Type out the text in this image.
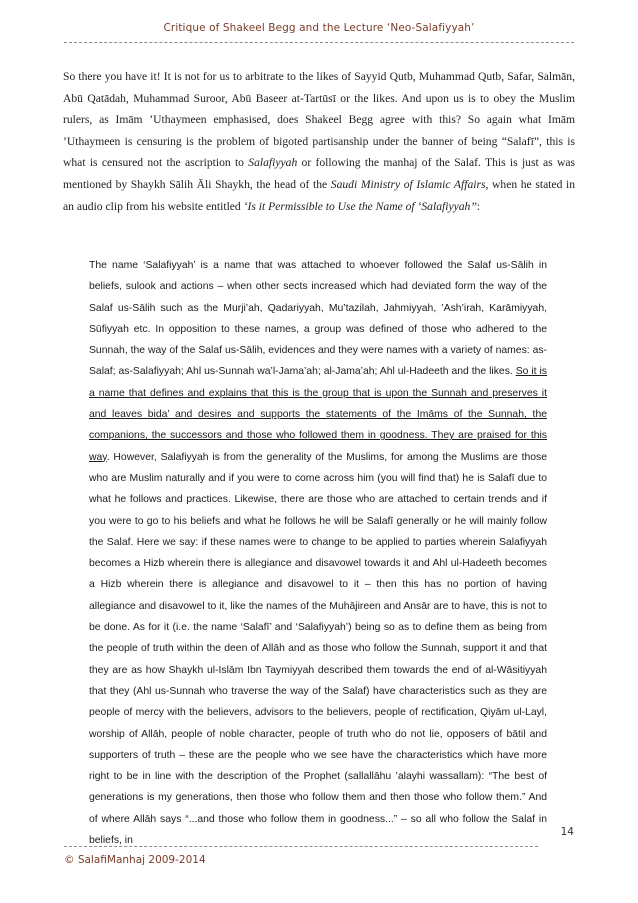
Critique of Shakeel Begg and the Lecture ‘Neo-Salafiyyah’

So there you have it! It is not for us to arbitrate to the likes of Sayyid Qutb, Muhammad Qutb, Safar, Salmān, Abū Qatādah, Muhammad Suroor, Abū Baseer at-Tartūsī or the likes. And upon us is to obey the Muslim rulers, as Imām ’Uthaymeen emphasised, does Shakeel Begg agree with this? So again what Imām ’Uthaymeen is censuring is the problem of bigoted partisanship under the banner of being “Salafī”, this is what is censured not the ascription to Salafiyyah or following the manhaj of the Salaf. This is just as was mentioned by Shaykh Sālih Āli Shaykh, the head of the Saudi Ministry of Islamic Affairs, when he stated in an audio clip from his website entitled ‘Is it Permissible to Use the Name of ‘Salafiyyah’’:

The name ‘Salafiyyah’ is a name that was attached to whoever followed the Salaf us-Sālih in beliefs, sulook and actions – when other sects increased which had deviated form the way of the Salaf us-Sālih such as the Murji’ah, Qadariyyah, Mu’tazilah, Jahmiyyah, ’Ash’irah, Karāmiyyah, Sūfiyyah etc. In opposition to these names, a group was defined of those who adhered to the Sunnah, the way of the Salaf us-Sālih, evidences and they were names with a variety of names: as-Salaf; as-Salafiyyah; Ahl us-Sunnah wa’l-Jama’ah; al-Jama’ah; Ahl ul-Hadeeth and the likes. So it is a name that defines and explains that this is the group that is upon the Sunnah and preserves it and leaves bida’ and desires and supports the statements of the Imāms of the Sunnah, the companions, the successors and those who followed them in goodness. They are praised for this way. However, Salafiyyah is from the generality of the Muslims, for among the Muslims are those who are Muslim naturally and if you were to come across him (you will find that) he is Salafī due to what he follows and practices. Likewise, there are those who are attached to certain trends and if you were to go to his beliefs and what he follows he will be Salafī generally or he will mainly follow the Salaf. Here we say: if these names were to change to be applied to parties wherein Salafiyyah becomes a Hizb wherein there is allegiance and disavowel towards it and Ahl ul-Hadeeth becomes a Hizb wherein there is allegiance and disavowel to it – then this has no portion of having allegiance and disavowel to it, like the names of the Muhājireen and Ansār are to have, this is not to be done. As for it (i.e. the name ‘Salafī’ and ‘Salafiyyah’) being so as to define them as being from the people of truth within the deen of Allāh and as those who follow the Sunnah, support it and that they are as how Shaykh ul-Islām Ibn Taymiyyah described them towards the end of al-Wāsitiyyah that they (Ahl us-Sunnah who traverse the way of the Salaf) have characteristics such as they are people of mercy with the believers, advisors to the believers, people of rectification, Qiyām ul-Layl, worship of Allāh, people of noble character, people of truth who do not lie, opposers of bātil and supporters of truth – these are the people who we see have the characteristics which have more right to be in line with the description of the Prophet (sallallāhu ’alayhi wassallam): “The best of generations is my generations, then those who follow them and then those who follow them.” And of where Allāh says “...and those who follow them in goodness...” – so all who follow the Salaf in beliefs, in

14
© SalafiManhaj 2009-2014
